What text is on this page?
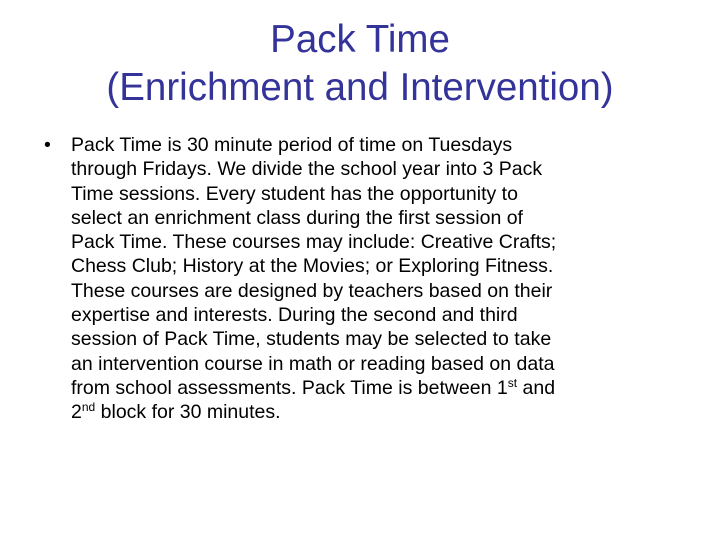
Pack Time
(Enrichment and Intervention)
• Pack Time is 30 minute period of time on Tuesdays
through Fridays. We divide the school year into 3 Pack
Time sessions. Every student has the opportunity to
select an enrichment class during the first session of
Pack Time. These courses may include: Creative Crafts;
Chess Club; History at the Movies; or Exploring Fitness.
These courses are designed by teachers based on their
expertise and interests. During the second and third
session of Pack Time, students may be selected to take
an intervention course in math or reading based on data
from school assessments. Pack Time is between 1st and
2nd block for 30 minutes.
